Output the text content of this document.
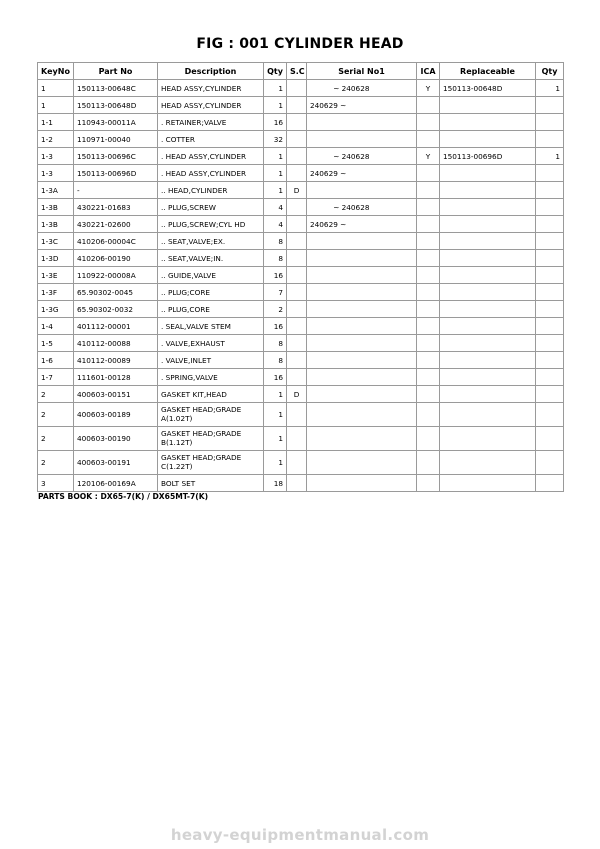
FIG : 001 CYLINDER HEAD
KeyNo	Part No	Description	Qty	S.C	Serial No1	ICA	Replaceable	Qty
1	150113-00648C	HEAD ASSY,CYLINDER	1		~ 240628	Y	150113-00648D	1
1	150113-00648D	HEAD ASSY,CYLINDER	1		240629 ~			
1-1	110943-00011A	. RETAINER;VALVE	16					
1-2	110971-00040	. COTTER	32					
1-3	150113-00696C	. HEAD ASSY,CYLINDER	1		~ 240628	Y	150113-00696D	1
1-3	150113-00696D	. HEAD ASSY,CYLINDER	1		240629 ~			
1-3A	-	.. HEAD,CYLINDER	1	D				
1-3B	430221-01683	.. PLUG,SCREW	4		~ 240628			
1-3B	430221-02600	.. PLUG,SCREW;CYL HD	4		240629 ~			
1-3C	410206-00004C	.. SEAT,VALVE;EX.	8					
1-3D	410206-00190	.. SEAT,VALVE;IN.	8					
1-3E	110922-00008A	.. GUIDE,VALVE	16					
1-3F	65.90302-0045	.. PLUG;CORE	7					
1-3G	65.90302-0032	.. PLUG,CORE	2					
1-4	401112-00001	. SEAL,VALVE STEM	16					
1-5	410112-00088	. VALVE,EXHAUST	8					
1-6	410112-00089	. VALVE,INLET	8					
1-7	111601-00128	. SPRING,VALVE	16					
2	400603-00151	GASKET KIT,HEAD	1	D				
2	400603-00189	GASKET HEAD;GRADE A(1.02T)	1					
2	400603-00190	GASKET HEAD;GRADE B(1.12T)	1					
2	400603-00191	GASKET HEAD;GRADE C(1.22T)	1					
3	120106-00169A	BOLT SET	18					
PARTS BOOK : DX65-7(K) / DX65MT-7(K)
heavy-equipmentmanual.com
